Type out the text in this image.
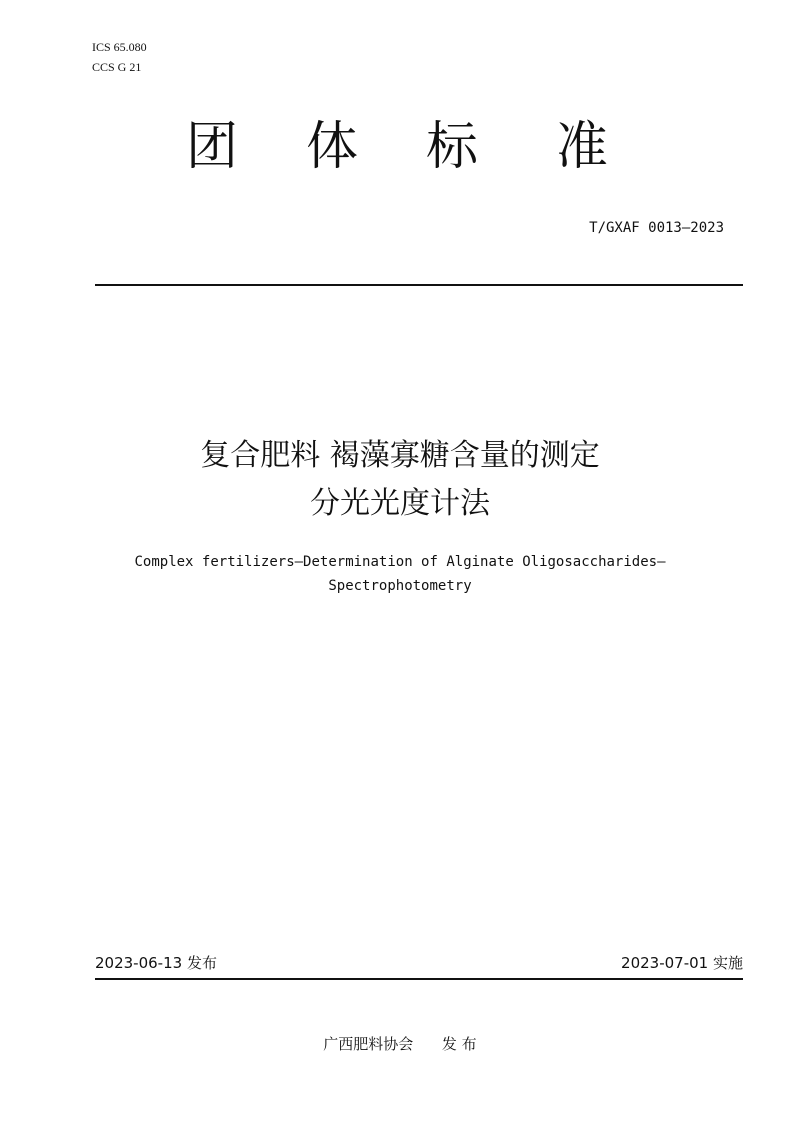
ICS 65.080
CCS G 21
团 体 标 准
T/GXAF 0013—2023
复合肥料 褐藻寡糖含量的测定
分光光度计法
Complex fertilizers—Determination of Alginate Oligosaccharides—
Spectrophotometry
2023-06-13 发布	2023-07-01 实施
广西肥料协会      发 布
